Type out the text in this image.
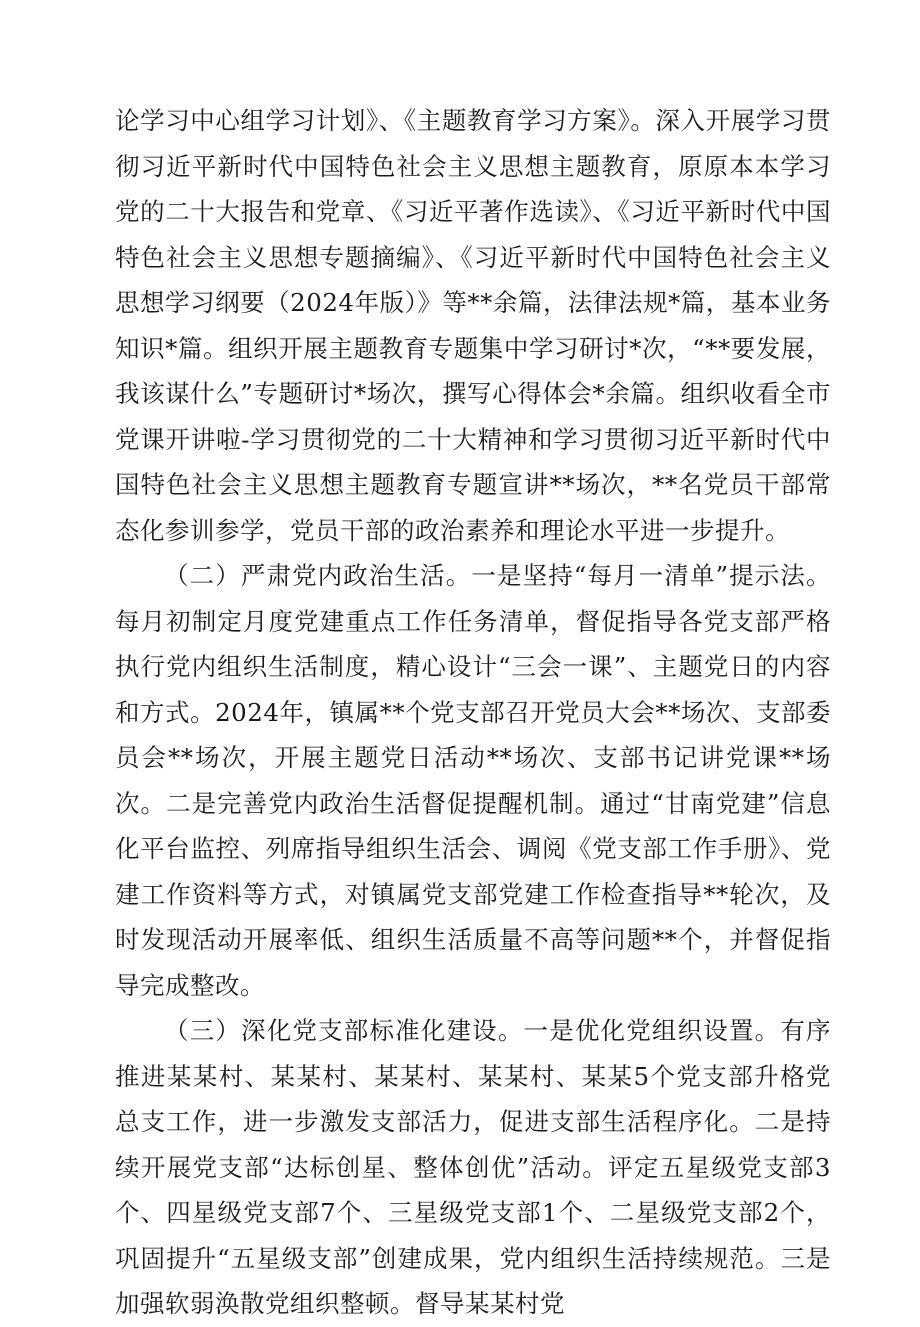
论学习中心组学习计划》、《主题教育学习方案》。深入开展学习贯彻习近平新时代中国特色社会主义思想主题教育，原原本本学习党的二十大报告和党章、《习近平著作选读》、《习近平新时代中国特色社会主义思想专题摘编》、《习近平新时代中国特色社会主义思想学习纲要（2024年版）》等**余篇，法律法规*篇，基本业务知识*篇。组织开展主题教育专题集中学习研讨*次，“**要发展，我该谋什么”专题研讨*场次，撰写心得体会*余篇。组织收看全市党课开讲啦-学习贯彻党的二十大精神和学习贯彻习近平新时代中国特色社会主义思想主题教育专题宣讲**场次，**名党员干部常态化参训参学，党员干部的政治素养和理论水平进一步提升。

（二）严肃党内政治生活。一是坚持“每月一清单”提示法。每月初制定月度党建重点工作任务清单，督促指导各党支部严格执行党内组织生活制度，精心设计“三会一课”、主题党日的内容和方式。2024年，镇属**个党支部召开党员大会**场次、支部委员会**场次，开展主题党日活动**场次、支部书记讲党课**场次。二是完善党内政治生活督促提醒机制。通过“甘南党建”信息化平台监控、列席指导组织生活会、调阅《党支部工作手册》、党建工作资料等方式，对镇属党支部党建工作检查指导**轮次，及时发现活动开展率低、组织生活质量不高等问题**个，并督促指导完成整改。

（三）深化党支部标准化建设。一是优化党组织设置。有序推进某某村、某某村、某某村、某某村、某某5个党支部升格党总支工作，进一步激发支部活力，促进支部生活程序化。二是持续开展党支部“达标创星、整体创优”活动。评定五星级党支部3个、四星级党支部7个、三星级党支部1个、二星级党支部2个，巩固提升“五星级支部”创建成果，党内组织生活持续规范。三是加强软弱涣散党组织整顿。督导某某村党
